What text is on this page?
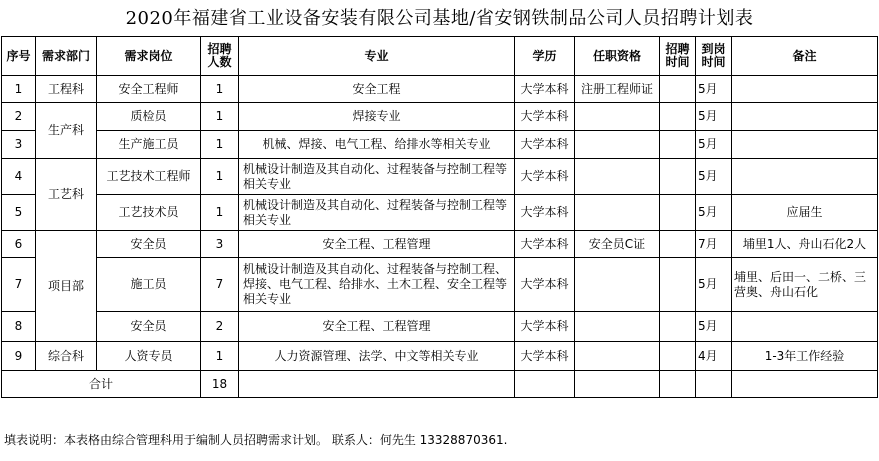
2020年福建省工业设备安装有限公司基地/省安钢铁制品公司人员招聘计划表
序号	需求部门	需求岗位	招聘人数	专业	学历	任职资格	招聘时间	到岗时间	备注
1	工程科	安全工程师	1	安全工程	大学本科	注册工程师证		5月	
2	生产科	质检员	1	焊接专业	大学本科			5月	
3		生产施工员	1	机械、焊接、电气工程、给排水等相关专业	大学本科			5月	
4	工艺科	工艺技术工程师	1	机械设计制造及其自动化、过程装备与控制工程等相关专业	大学本科			5月	
5		工艺技术员	1	机械设计制造及其自动化、过程装备与控制工程等相关专业	大学本科			5月	应届生
6	项目部	安全员	3	安全工程、工程管理	大学本科	安全员C证		7月	埔里1人、舟山石化2人
7		施工员	7	机械设计制造及其自动化、过程装备与控制工程、焊接、电气工程、给排水、土木工程、安全工程等相关专业	大学本科			5月	埔里、后田一、二桥、三营奥、舟山石化
8		安全员	2	安全工程、工程管理	大学本科			5月	
9	综合科	人资专员	1	人力资源管理、法学、中文等相关专业	大学本科			4月	1-3年工作经验
合计			18						
填表说明：本表格由综合管理科用于编制人员招聘需求计划。 联系人：何先生 13328870361.
